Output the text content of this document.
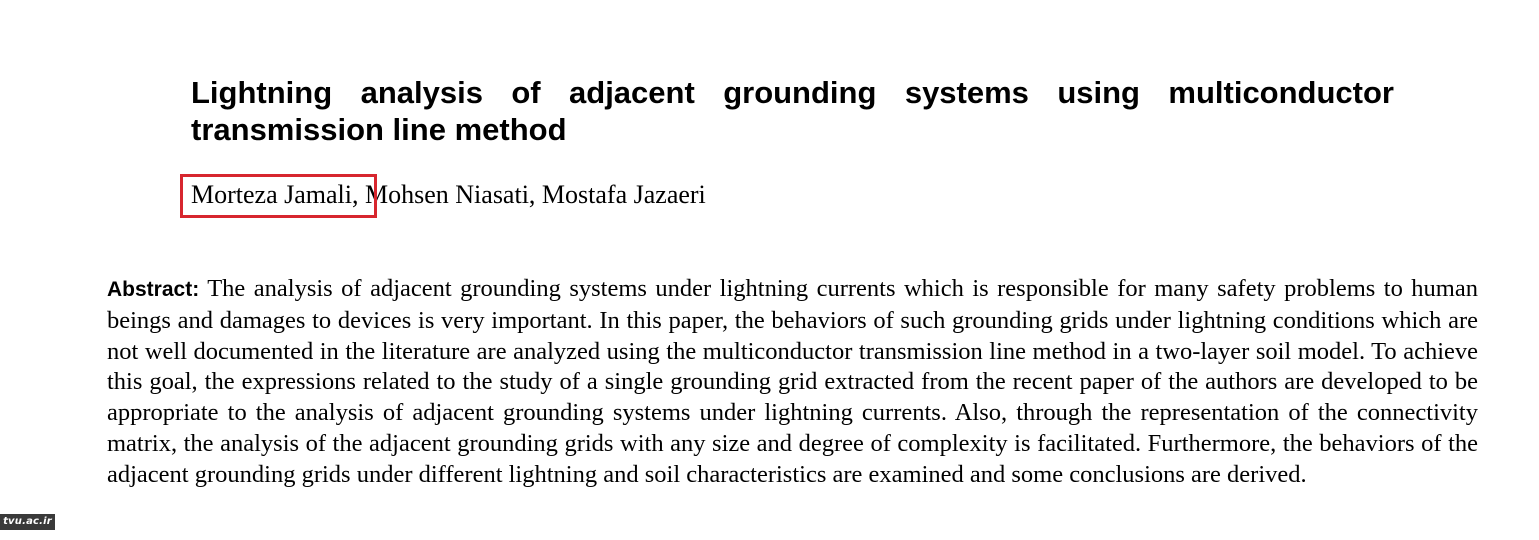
Lightning analysis of adjacent grounding systems using multiconductor transmission line method

Morteza Jamali
, Mohsen Niasati, Mostafa Jazaeri

Abstract: The analysis of adjacent grounding systems under lightning currents which is responsible for many safety problems to human beings and damages to devices is very important. In this paper, the behaviors of such grounding grids under lightning conditions which are not well documented in the literature are analyzed using the multiconductor transmission line method in a two-layer soil model. To achieve this goal, the expressions related to the study of a single grounding grid extracted from the recent paper of the authors are developed to be appropriate to the analysis of adjacent grounding systems under lightning currents. Also, through the representation of the connectivity matrix, the analysis of the adjacent grounding grids with any size and degree of complexity is facilitated. Furthermore, the behaviors of the adjacent grounding grids under different lightning and soil characteristics are examined and some conclusions are derived.

tvu.ac.ir
